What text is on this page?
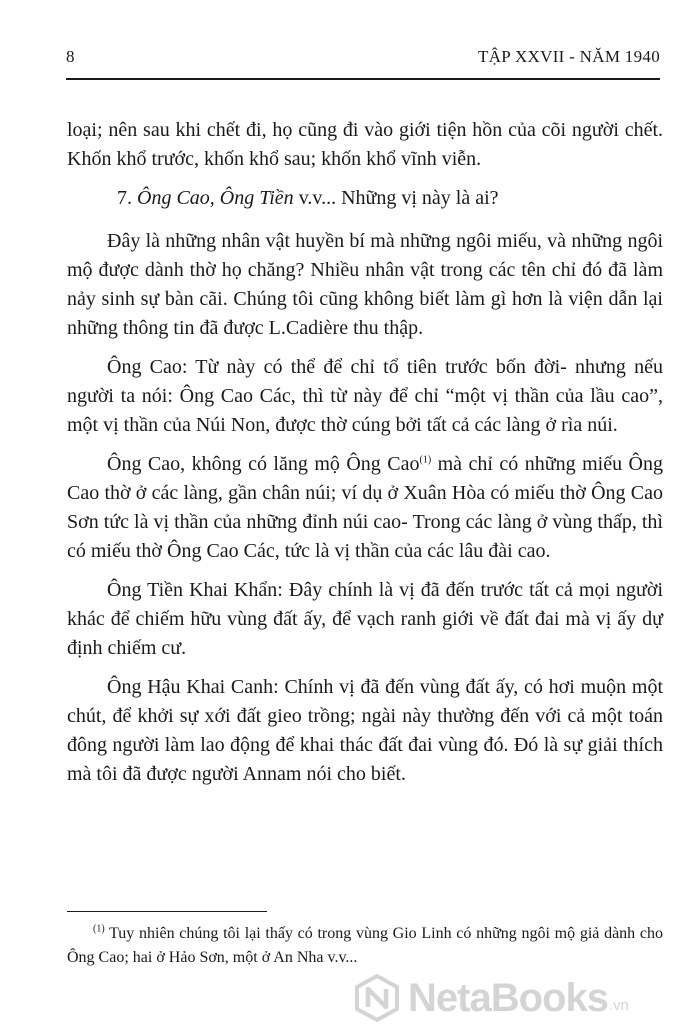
8	TẬP XXVII - NĂM 1940

loại; nên sau khi chết đi, họ cũng đi vào giới tiện hồn của cõi người chết. Khốn khổ trước, khốn khổ sau; khốn khổ vĩnh viễn.

7. Ông Cao, Ông Tiền v.v... Những vị này là ai?

Đây là những nhân vật huyền bí mà những ngôi miếu, và những ngôi mộ được dành thờ họ chăng? Nhiều nhân vật trong các tên chỉ đó đã làm nảy sinh sự bàn cãi. Chúng tôi cũng không biết làm gì hơn là viện dẫn lại những thông tin đã được L.Cadière thu thập.

Ông Cao: Từ này có thể để chỉ tổ tiên trước bốn đời- nhưng nếu người ta nói: Ông Cao Các, thì từ này để chỉ “một vị thần của lầu cao”, một vị thần của Núi Non, được thờ cúng bởi tất cả các làng ở rìa núi.

Ông Cao, không có lăng mộ Ông Cao$^{(1)}$ mà chỉ có những miếu Ông Cao thờ ở các làng, gần chân núi; ví dụ ở Xuân Hòa có miếu thờ Ông Cao Sơn tức là vị thần của những đỉnh núi cao- Trong các làng ở vùng thấp, thì có miếu thờ Ông Cao Các, tức là vị thần của các lâu đài cao.

Ông Tiền Khai Khẩn: Đây chính là vị đã đến trước tất cả mọi người khác để chiếm hữu vùng đất ấy, để vạch ranh giới về đất đai mà vị ấy dự định chiếm cư.

Ông Hậu Khai Canh: Chính vị đã đến vùng đất ấy, có hơi muộn một chút, để khởi sự xới đất gieo trồng; ngài này thường đến với cả một toán đông người làm lao động để khai thác đất đai vùng đó. Đó là sự giải thích mà tôi đã được người Annam nói cho biết.

$^{(1)}$ Tuy nhiên chúng tôi lại thấy có trong vùng Gio Linh có những ngôi mộ giả dành cho Ông Cao; hai ở Hảo Sơn, một ở An Nha v.v...
NetaBooks .vn
